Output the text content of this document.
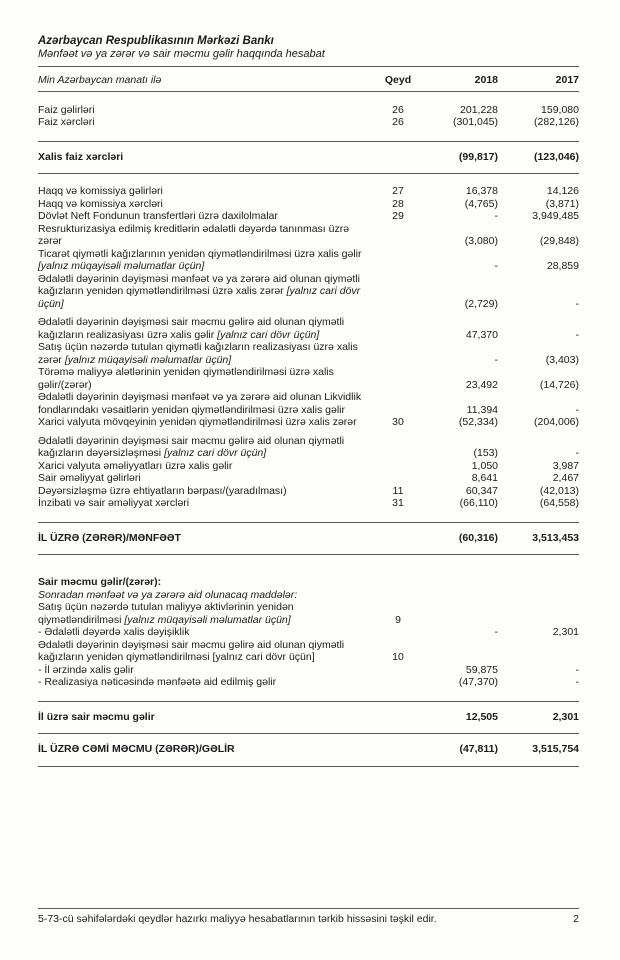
Azərbaycan Respublikasının Mərkəzi Bankı
Mənfəət və ya zərər və sair məcmu gəlir haqqında hesabat
Min Azərbaycan manatı ilə	Qeyd	2018	2017
Faiz gəlirləri	26	201,228	159,080
Faiz xərcləri	26	(301,045)	(282,126)
Xalis faiz xərcləri	(99,817)	(123,046)
Haqq və komissiya gəlirləri	27	16,378	14,126
Haqq və komissiya xərcləri	28	(4,765)	(3,871)
Dövlət Neft Fondunun transfertləri üzrə daxilolmalar	29	-	3,949,485
Resrukturizasiya edilmiş kreditlərin ədalətli dəyərdə tanınması üzrə zərər	(3,080)	(29,848)
Ticarət qiymətli kağızlarının yenidən qiymətləndirilməsi üzrə xalis gəlir [yalnız müqayisəli məlumatlar üçün]	-	28,859
Ədalətli dəyərinin dəyişməsi mənfəət və ya zərərə aid olunan qiymətli kağızların yenidən qiymətləndirilməsi üzrə xalis zərər [yalnız cari dövr üçün]	(2,729)	-
Ədalətli dəyərinin dəyişməsi sair məcmu gəlirə aid olunan qiymətli kağızların realizasiyası üzrə xalis gəlir [yalnız cari dövr üçün]	47,370	-
Satış üçün nəzərdə tutulan qiymətli kağızların realizasiyası üzrə xalis zərər [yalnız müqayisəli məlumatlar üçün]	-	(3,403)
Törəmə maliyyə alətlərinin yenidən qiymətləndirilməsi üzrə xalis gəlir/(zərər)	23,492	(14,726)
Ədalətli dəyərinin dəyişməsi mənfəət və ya zərərə aid olunan Likvidlik fondlarındakı vəsaitlərin yenidən qiymətləndirilməsi üzrə xalis gəlir	11,394	-
Xarici valyuta mövqeyinin yenidən qiymətləndirilməsi üzrə xalis zərər	30	(52,334)	(204,006)
Ədalətli dəyərinin dəyişməsi sair məcmu gəlirə aid olunan qiymətli kağızların dəyərsizləşməsi [yalnız cari dövr üçün]	(153)	-
Xarici valyuta əməliyyatları üzrə xalis gəlir	1,050	3,987
Sair əməliyyat gəlirləri	8,641	2,467
Dəyərsizləşmə üzrə ehtiyatların bərpası/(yaradılması)	11	60,347	(42,013)
İnzibati və sair əməliyyat xərcləri	31	(66,110)	(64,558)
İL ÜZRƏ (ZƏRƏR)/MƏNFƏƏT	(60,316)	3,513,453
Sair məcmu gəlir/(zərər):
Sonradan mənfəət və ya zərərə aid olunacaq maddələr:
Satış üçün nəzərdə tutulan maliyyə aktivlərinin yenidən qiymətləndirilməsi [yalnız müqayisəli məlumatlar üçün]	9
- Ədalətli dəyərdə xalis dəyişiklik	-	2,301
Ədalətli dəyərinin dəyişməsi sair məcmu gəlirə aid olunan qiymətli kağızların yenidən qiymətləndirilməsi [yalnız cari dövr üçün]	10
- İl ərzində xalis gəlir	59,875	-
- Realizasiya nəticəsində mənfəətə aid edilmiş gəlir	(47,370)	-
İl üzrə sair məcmu gəlir	12,505	2,301
İL ÜZRƏ CƏMİ MƏCMU (ZƏRƏR)/GƏLİR	(47,811)	3,515,754
5-73-cü səhifələrdəki qeydlər hazırkı maliyyə hesabatlarının tərkib hissəsini təşkil edir.	2
